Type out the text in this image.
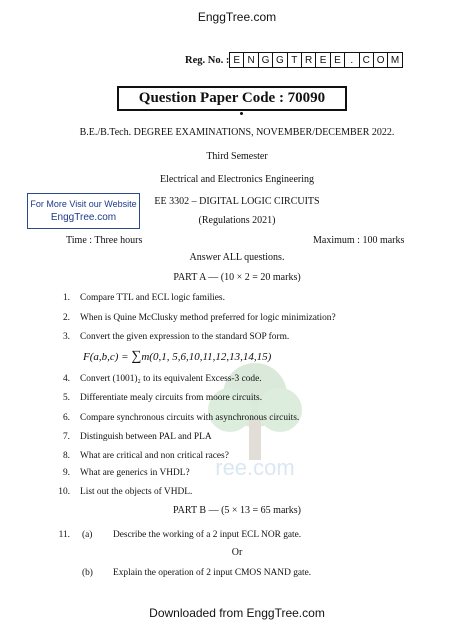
EnggTree.com
Reg. No. : E N G G T R E E . C O M
Question Paper Code : 70090
B.E./B.Tech. DEGREE EXAMINATIONS, NOVEMBER/DECEMBER 2022.
Third Semester
Electrical and Electronics Engineering
EE 3302 – DIGITAL LOGIC CIRCUITS
(Regulations 2021)
For More Visit our Website
EnggTree.com
Time : Three hours	Maximum : 100 marks
Answer ALL questions.
PART A — (10 × 2 = 20 marks)
ree.com
1. Compare TTL and ECL logic families.
2. When is Quine McClusky method preferred for logic minimization?
3. Convert the given expression to the standard SOP form.
F(a,b,c) = ∑m(0,1, 5,6,10,11,12,13,14,15)
4. Convert (1001)₂ to its equivalent Excess-3 code.
5. Differentiate mealy circuits from moore circuits.
6. Compare synchronous circuits with asynchronous circuits.
7. Distinguish between PAL and PLA
8. What are critical and non critical races?
9. What are generics in VHDL?
10. List out the objects of VHDL.
PART B — (5 × 13 = 65 marks)
11. (a) Describe the working of a 2 input ECL NOR gate.
Or
(b) Explain the operation of 2 input CMOS NAND gate.
Downloaded from EnggTree.com
